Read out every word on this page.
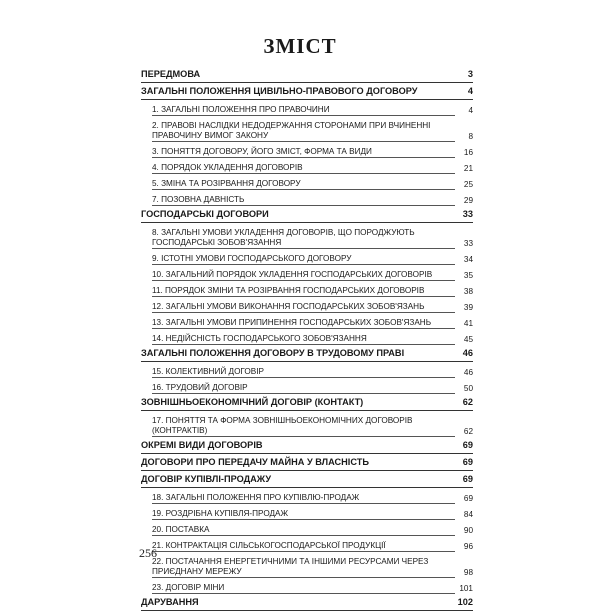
ЗМІСТ
ПЕРЕДМОВА	3
ЗАГАЛЬНІ ПОЛОЖЕННЯ ЦИВІЛЬНО-ПРАВОВОГО ДОГОВОРУ	4
1. ЗАГАЛЬНІ ПОЛОЖЕННЯ ПРО ПРАВОЧИНИ	4
2. ПРАВОВІ НАСЛІДКИ НЕДОДЕРЖАННЯ СТОРОНАМИ ПРИ ВЧИНЕННІ ПРАВОЧИНУ ВИМОГ ЗАКОНУ	8
3. ПОНЯТТЯ ДОГОВОРУ, ЙОГО ЗМІСТ, ФОРМА ТА ВИДИ	16
4. ПОРЯДОК УКЛАДЕННЯ ДОГОВОРІВ	21
5. ЗМІНА ТА РОЗІРВАННЯ ДОГОВОРУ	25
7. ПОЗОВНА ДАВНІСТЬ	29
ГОСПОДАРСЬКІ ДОГОВОРИ	33
8. ЗАГАЛЬНІ УМОВИ УКЛАДЕННЯ ДОГОВОРІВ, ЩО ПОРОДЖУЮТЬ ГОСПОДАРСЬКІ ЗОБОВ'ЯЗАННЯ	33
9. ІСТОТНІ УМОВИ ГОСПОДАРСЬКОГО ДОГОВОРУ	34
10. ЗАГАЛЬНИЙ ПОРЯДОК УКЛАДЕННЯ ГОСПОДАРСЬКИХ ДОГОВОРІВ	35
11. ПОРЯДОК ЗМІНИ ТА РОЗІРВАННЯ ГОСПОДАРСЬКИХ ДОГОВОРІВ	38
12. ЗАГАЛЬНІ УМОВИ ВИКОНАННЯ ГОСПОДАРСЬКИХ ЗОБОВ'ЯЗАНЬ	39
13. ЗАГАЛЬНІ УМОВИ ПРИПИНЕННЯ ГОСПОДАРСЬКИХ ЗОБОВ'ЯЗАНЬ	41
14. НЕДІЙСНІСТЬ ГОСПОДАРСЬКОГО ЗОБОВ'ЯЗАННЯ	45
ЗАГАЛЬНІ ПОЛОЖЕННЯ ДОГОВОРУ В ТРУДОВОМУ ПРАВІ	46
15. КОЛЕКТИВНИЙ ДОГОВІР	46
16. ТРУДОВИЙ ДОГОВІР	50
ЗОВНІШНЬОЕКОНОМІЧНИЙ ДОГОВІР (КОНТАКТ)	62
17. ПОНЯТТЯ ТА ФОРМА ЗОВНІШНЬОЕКОНОМІЧНИХ ДОГОВОРІВ (КОНТРАКТІВ)	62
ОКРЕМІ ВИДИ ДОГОВОРІВ	69
ДОГОВОРИ ПРО ПЕРЕДАЧУ МАЙНА У ВЛАСНІСТЬ	69
ДОГОВІР КУПІВЛІ-ПРОДАЖУ	69
18. ЗАГАЛЬНІ ПОЛОЖЕННЯ ПРО КУПІВЛЮ-ПРОДАЖ	69
19. РОЗДРІБНА КУПІВЛЯ-ПРОДАЖ	84
20. ПОСТАВКА	90
21. КОНТРАКТАЦІЯ СІЛЬСЬКОГОСПОДАРСЬКОЇ ПРОДУКЦІЇ	96
22. ПОСТАЧАННЯ ЕНЕРГЕТИЧНИМИ ТА ІНШИМИ РЕСУРСАМИ ЧЕРЕЗ ПРИЄДНАНУ МЕРЕЖУ	98
23. ДОГОВІР МІНИ	101
ДАРУВАННЯ	102
256
